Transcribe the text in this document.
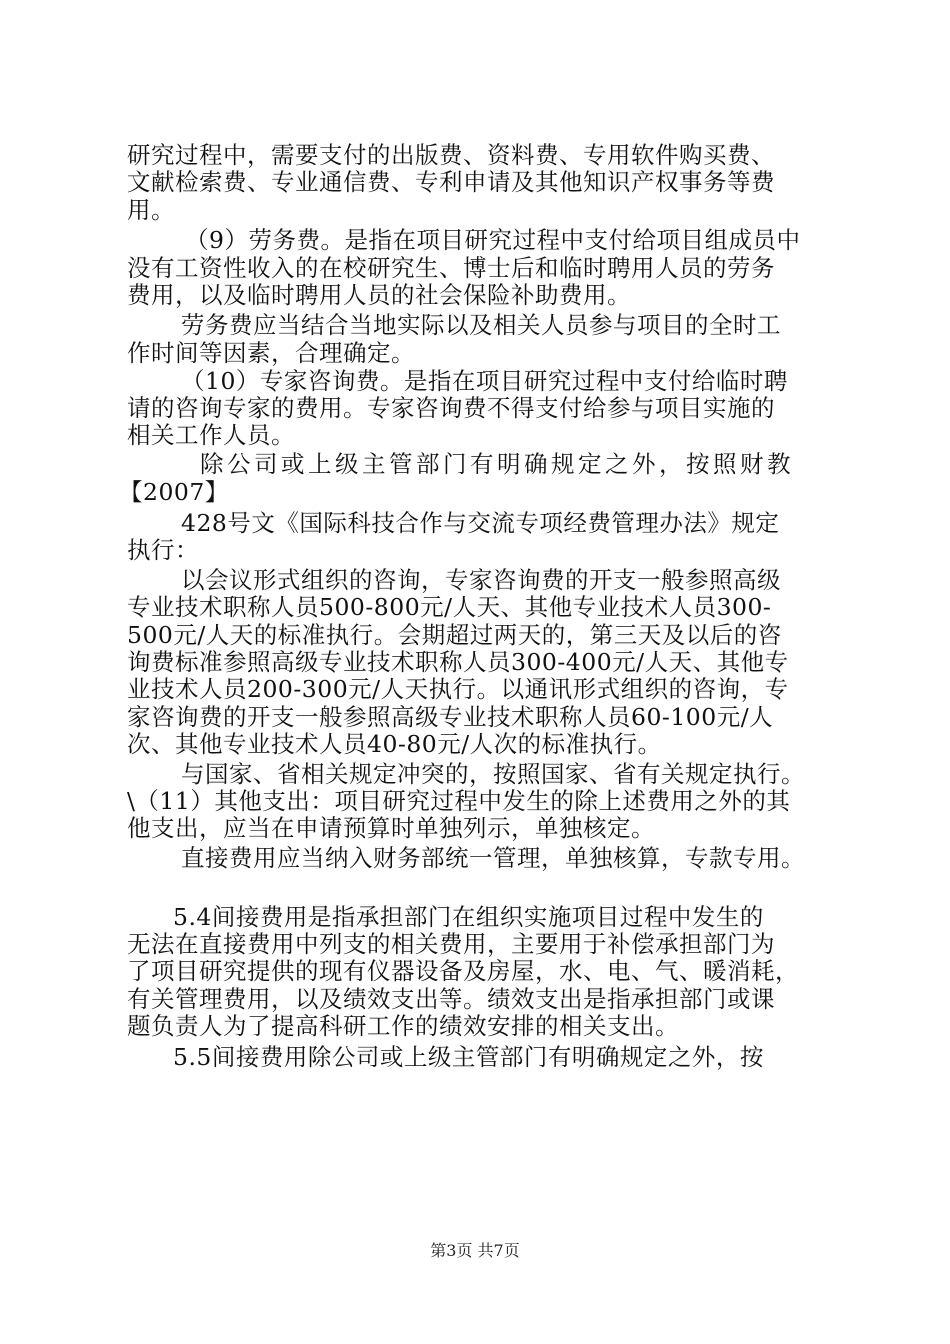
研究过程中，需要支付的出版费、资料费、专用软件购买费、
文献检索费、专业通信费、专利申请及其他知识产权事务等费
用。
（9）劳务费。是指在项目研究过程中支付给项目组成员中
没有工资性收入的在校研究生、博士后和临时聘用人员的劳务
费用，以及临时聘用人员的社会保险补助费用。
劳务费应当结合当地实际以及相关人员参与项目的全时工
作时间等因素，合理确定。
（10）专家咨询费。是指在项目研究过程中支付给临时聘
请的咨询专家的费用。专家咨询费不得支付给参与项目实施的
相关工作人员。
除公司或上级主管部门有明确规定之外，按照财教
【2007】
428号文《国际科技合作与交流专项经费管理办法》规定
执行：
以会议形式组织的咨询，专家咨询费的开支一般参照高级
专业技术职称人员500-800元/人天、其他专业技术人员300-
500元/人天的标准执行。会期超过两天的，第三天及以后的咨
询费标准参照高级专业技术职称人员300-400元/人天、其他专
业技术人员200-300元/人天执行。以通讯形式组织的咨询，专
家咨询费的开支一般参照高级专业技术职称人员60-100元/人
次、其他专业技术人员40-80元/人次的标准执行。
与国家、省相关规定冲突的，按照国家、省有关规定执行。
\（11）其他支出：项目研究过程中发生的除上述费用之外的其
他支出，应当在申请预算时单独列示，单独核定。
直接费用应当纳入财务部统一管理，单独核算，专款专用。
5.4间接费用是指承担部门在组织实施项目过程中发生的
无法在直接费用中列支的相关费用，主要用于补偿承担部门为
了项目研究提供的现有仪器设备及房屋，水、电、气、暖消耗，
有关管理费用，以及绩效支出等。绩效支出是指承担部门或课
题负责人为了提高科研工作的绩效安排的相关支出。
5.5间接费用除公司或上级主管部门有明确规定之外，按
第3页 共7页
